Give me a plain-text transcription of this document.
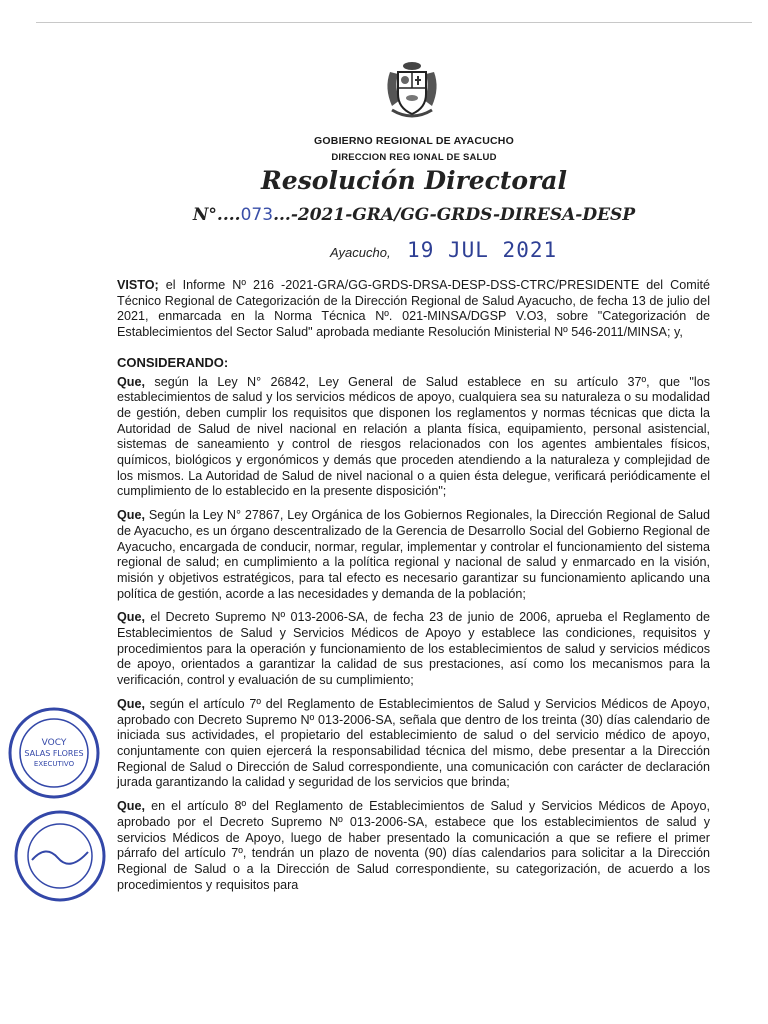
GOBIERNO REGIONAL DE AYACUCHO
DIRECCION REG IONAL DE SALUD
Resolución Directoral
N°....073...-2021-GRA/GG-GRDS-DIRESA-DESP
Ayacucho, 19 JUL 2021

VISTO; el Informe Nº 216 -2021-GRA/GG-GRDS-DRSA-DESP-DSS-CTRC/PRESIDENTE del Comité Técnico Regional de Categorización de la Dirección Regional de Salud Ayacucho, de fecha 13 de julio del 2021, enmarcada en la Norma Técnica Nº. 021-MINSA/DGSP V.O3, sobre "Categorización de Establecimientos del Sector Salud" aprobada mediante Resolución Ministerial Nº 546-2011/MINSA; y,

CONSIDERANDO:

Que, según la Ley N° 26842, Ley General de Salud establece en su artículo 37º, que "los establecimientos de salud y los servicios médicos de apoyo, cualquiera sea su naturaleza o su modalidad de gestión, deben cumplir los requisitos que disponen los reglamentos y normas técnicas que dicta la Autoridad de Salud de nivel nacional en relación a planta física, equipamiento, personal asistencial, sistemas de saneamiento y control de riesgos relacionados con los agentes ambientales físicos, químicos, biológicos y ergonómicos y demás que proceden atendiendo a la naturaleza y complejidad de los mismos. La Autoridad de Salud de nivel nacional o a quien ésta delegue, verificará periódicamente el cumplimiento de lo establecido en la presente disposición";

Que, Según la Ley N° 27867, Ley Orgánica de los Gobiernos Regionales, la Dirección Regional de Salud de Ayacucho, es un órgano descentralizado de la Gerencia de Desarrollo Social del Gobierno Regional de Ayacucho, encargada de conducir, normar, regular, implementar y controlar el funcionamiento del sistema regional de salud; en cumplimiento a la política regional y nacional de salud y enmarcado en la visión, misión y objetivos estratégicos, para tal efecto es necesario garantizar su funcionamiento aplicando una política de gestión, acorde a las necesidades y demanda de la población;

Que, el Decreto Supremo Nº 013-2006-SA, de fecha 23 de junio de 2006, aprueba el Reglamento de Establecimientos de Salud y Servicios Médicos de Apoyo y establece las condiciones, requisitos y procedimientos para la operación y funcionamiento de los establecimientos de salud y servicios médicos de apoyo, orientados a garantizar la calidad de sus prestaciones, así como los mecanismos para la verificación, control y evaluación de su cumplimiento;

Que, según el artículo 7º del Reglamento de Establecimientos de Salud y Servicios Médicos de Apoyo, aprobado con Decreto Supremo Nº 013-2006-SA, señala que dentro de los treinta (30) días calendario de iniciada sus actividades, el propietario del establecimiento de salud o del servicio médico de apoyo, conjuntamente con quien ejercerá la responsabilidad técnica del mismo, debe presentar a la Dirección Regional de Salud o Dirección de Salud correspondiente, una comunicación con carácter de declaración jurada garantizando la calidad y seguridad de los servicios que brinda;

Que, en el artículo 8º del Reglamento de Establecimientos de Salud y Servicios Médicos de Apoyo, aprobado por el Decreto Supremo Nº 013-2006-SA, estabece que los establecimientos de salud y servicios Médicos de Apoyo, luego de haber presentado la comunicación a que se refiere el primer párrafo del artículo 7º, tendrán un plazo de noventa (90) días calendarios para solicitar a la Dirección Regional de Salud o a la Dirección de Salud correspondiente, su categorización, de acuerdo a los procedimientos y requisitos para

VOCY
SALAS FLORES
EXECUTIVO
